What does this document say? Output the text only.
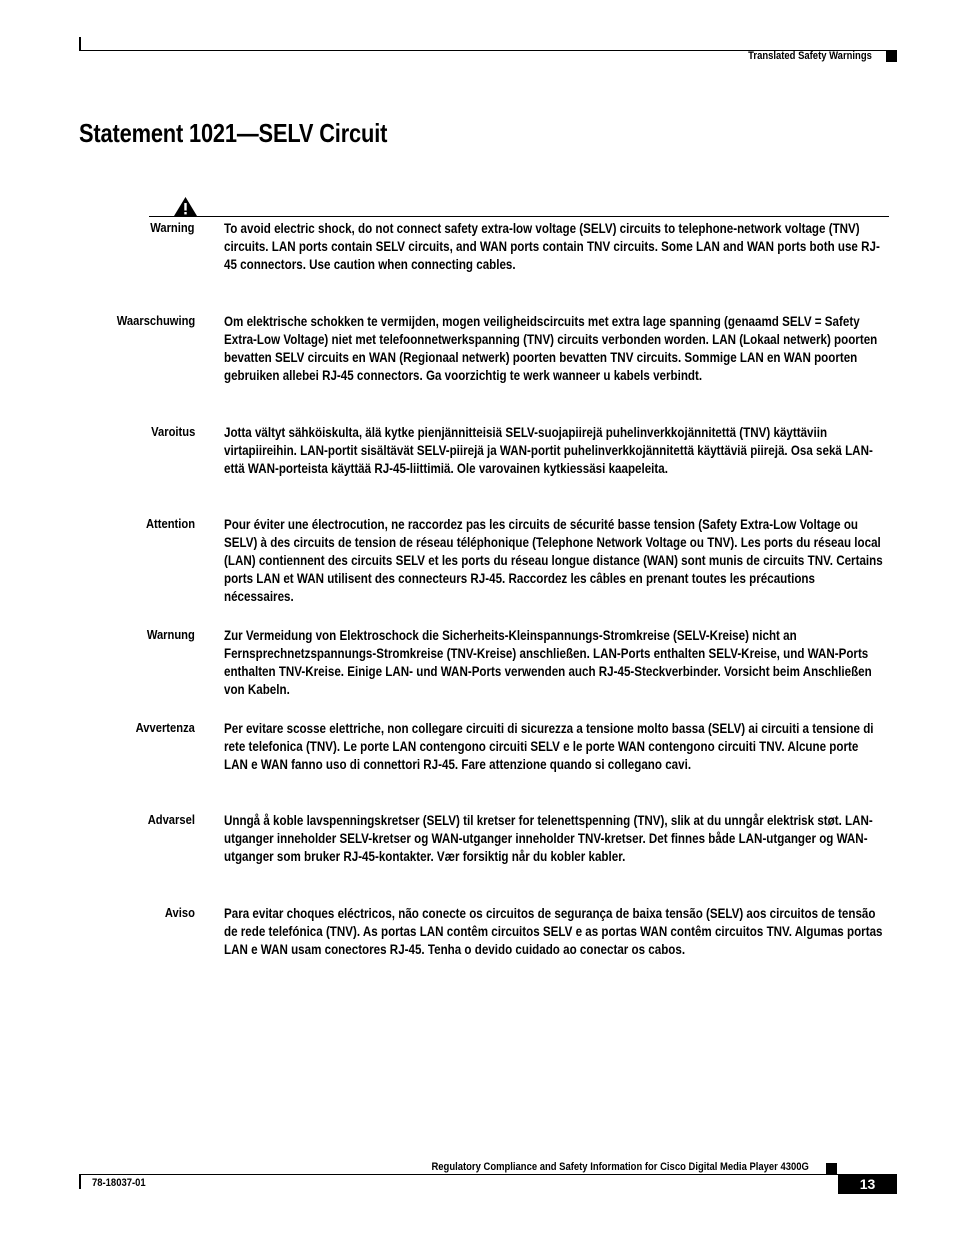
Translated Safety Warnings
Statement 1021—SELV Circuit
Warning To avoid electric shock, do not connect safety extra-low voltage (SELV) circuits to telephone-network voltage (TNV) circuits. LAN ports contain SELV circuits, and WAN ports contain TNV circuits. Some LAN and WAN ports both use RJ-45 connectors. Use caution when connecting cables.
Waarschuwing Om elektrische schokken te vermijden, mogen veiligheidscircuits met extra lage spanning (genaamd SELV = Safety Extra-Low Voltage) niet met telefoonnetwerkspanning (TNV) circuits verbonden worden. LAN (Lokaal netwerk) poorten bevatten SELV circuits en WAN (Regionaal netwerk) poorten bevatten TNV circuits. Sommige LAN en WAN poorten gebruiken allebei RJ-45 connectors. Ga voorzichtig te werk wanneer u kabels verbindt.
Varoitus Jotta vältyt sähköiskulta, älä kytke pienjännitteisiä SELV-suojapiirejä puhelinverkkojännitettä (TNV) käyttäviin virtapiireihin. LAN-portit sisältävät SELV-piirejä ja WAN-portit puhelinverkkojännitettä käyttäviä piirejä. Osa sekä LAN- että WAN-porteista käyttää RJ-45-liittimiä. Ole varovainen kytkiessäsi kaapeleita.
Attention Pour éviter une électrocution, ne raccordez pas les circuits de sécurité basse tension (Safety Extra-Low Voltage ou SELV) à des circuits de tension de réseau téléphonique (Telephone Network Voltage ou TNV). Les ports du réseau local (LAN) contiennent des circuits SELV et les ports du réseau longue distance (WAN) sont munis de circuits TNV. Certains ports LAN et WAN utilisent des connecteurs RJ-45. Raccordez les câbles en prenant toutes les précautions nécessaires.
Warnung Zur Vermeidung von Elektroschock die Sicherheits-Kleinspannungs-Stromkreise (SELV-Kreise) nicht an Fernsprechnetzspannungs-Stromkreise (TNV-Kreise) anschließen. LAN-Ports enthalten SELV-Kreise, und WAN-Ports enthalten TNV-Kreise. Einige LAN- und WAN-Ports verwenden auch RJ-45-Steckverbinder. Vorsicht beim Anschließen von Kabeln.
Avvertenza Per evitare scosse elettriche, non collegare circuiti di sicurezza a tensione molto bassa (SELV) ai circuiti a tensione di rete telefonica (TNV). Le porte LAN contengono circuiti SELV e le porte WAN contengono circuiti TNV. Alcune porte LAN e WAN fanno uso di connettori RJ-45. Fare attenzione quando si collegano cavi.
Advarsel Unngå å koble lavspenningskretser (SELV) til kretser for telenettspenning (TNV), slik at du unngår elektrisk støt. LAN-utganger inneholder SELV-kretser og WAN-utganger inneholder TNV-kretser. Det finnes både LAN-utganger og WAN-utganger som bruker RJ-45-kontakter. Vær forsiktig når du kobler kabler.
Aviso Para evitar choques eléctricos, não conecte os circuitos de segurança de baixa tensão (SELV) aos circuitos de tensão de rede telefónica (TNV). As portas LAN contêm circuitos SELV e as portas WAN contêm circuitos TNV. Algumas portas LAN e WAN usam conectores RJ-45. Tenha o devido cuidado ao conectar os cabos.
Regulatory Compliance and Safety Information for Cisco Digital Media Player 4300G
78-18037-01	13
